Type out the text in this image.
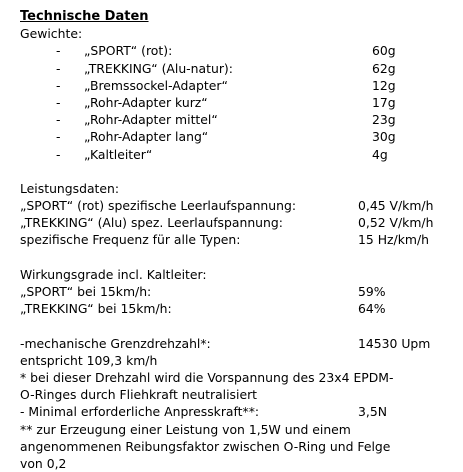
Technische Daten
Gewichte:
- „SPORT“ (rot):	60g
- „TREKKING“ (Alu-natur):	62g
- „Bremssockel-Adapter“	12g
- „Rohr-Adapter kurz“	17g
- „Rohr-Adapter mittel“	23g
- „Rohr-Adapter lang“	30g
- „Kaltleiter“	4g
Leistungsdaten:
„SPORT“ (rot) spezifische Leerlaufspannung:	0,45 V/km/h
„TREKKING“ (Alu) spez. Leerlaufspannung:	0,52 V/km/h
spezifische Frequenz für alle Typen:	15 Hz/km/h
Wirkungsgrade incl. Kaltleiter:
„SPORT“ bei 15km/h:	59%
„TREKKING“ bei 15km/h:	64%
-mechanische Grenzdrehzahl*:	14530 Upm
entspricht 109,3 km/h
* bei dieser Drehzahl wird die Vorspannung des 23x4 EPDM-
O-Ringes durch Fliehkraft neutralisiert
- Minimal erforderliche Anpresskraft**:	3,5N
** zur Erzeugung einer Leistung von 1,5W und einem
angenommenen Reibungsfaktor zwischen O-Ring und Felge
von 0,2
